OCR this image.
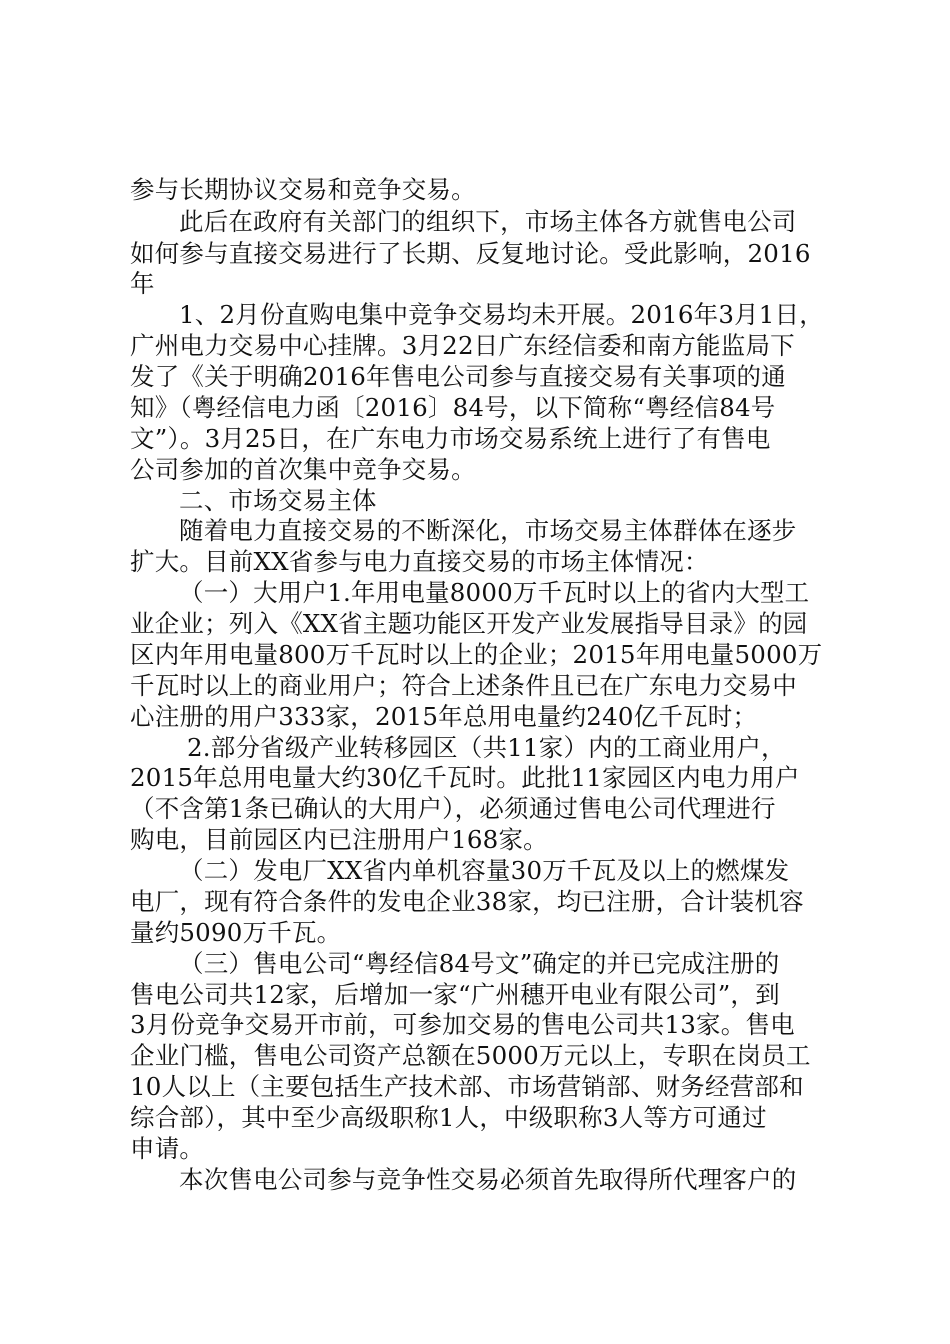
参与长期协议交易和竞争交易。
此后在政府有关部门的组织下，市场主体各方就售电公司
如何参与直接交易进行了长期、反复地讨论。受此影响，2016
年
1、2月份直购电集中竞争交易均未开展。2016年3月1日，
广州电力交易中心挂牌。3月22日广东经信委和南方能监局下
发了《关于明确2016年售电公司参与直接交易有关事项的通
知》（粤经信电力函〔2016〕84号，以下简称“粤经信84号
文”）。3月25日，在广东电力市场交易系统上进行了有售电
公司参加的首次集中竞争交易。
二、市场交易主体
随着电力直接交易的不断深化，市场交易主体群体在逐步
扩大。目前XX省参与电力直接交易的市场主体情况：
（一）大用户1.年用电量8000万千瓦时以上的省内大型工
业企业；列入《XX省主题功能区开发产业发展指导目录》的园
区内年用电量800万千瓦时以上的企业；2015年用电量5000万
千瓦时以上的商业用户；符合上述条件且已在广东电力交易中
心注册的用户333家，2015年总用电量约240亿千瓦时；
2.部分省级产业转移园区（共11家）内的工商业用户，
2015年总用电量大约30亿千瓦时。此批11家园区内电力用户
（不含第1条已确认的大用户），必须通过售电公司代理进行
购电，目前园区内已注册用户168家。
（二）发电厂XX省内单机容量30万千瓦及以上的燃煤发
电厂，现有符合条件的发电企业38家，均已注册，合计装机容
量约5090万千瓦。
（三）售电公司“粤经信84号文”确定的并已完成注册的
售电公司共12家，后增加一家“广州穗开电业有限公司”，到
3月份竞争交易开市前，可参加交易的售电公司共13家。售电
企业门槛，售电公司资产总额在5000万元以上，专职在岗员工
10人以上（主要包括生产技术部、市场营销部、财务经营部和
综合部），其中至少高级职称1人，中级职称3人等方可通过
申请。
本次售电公司参与竞争性交易必须首先取得所代理客户的
